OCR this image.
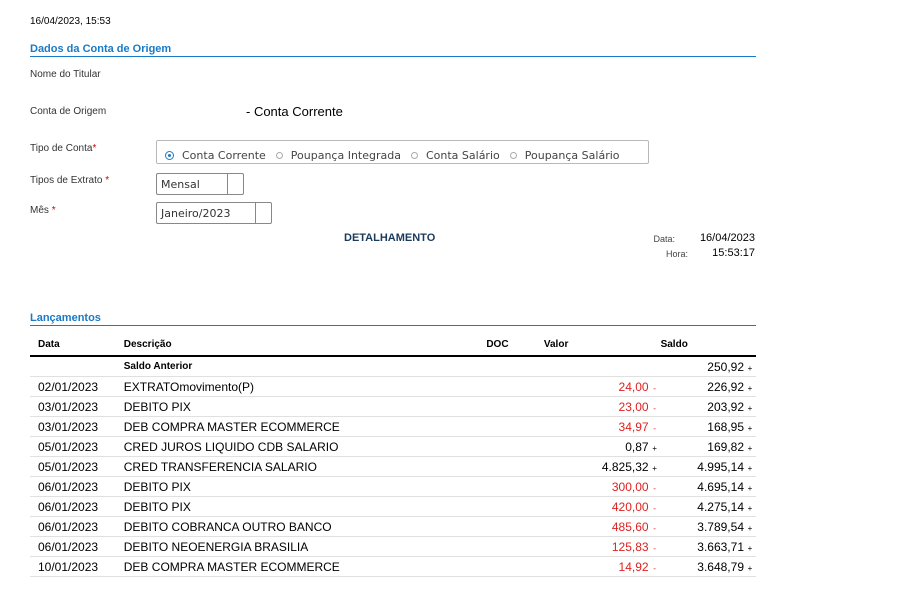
16/04/2023, 15:53
Dados da Conta de Origem
Nome do Titular
Conta de Origem	- Conta Corrente
Tipo de Conta*
Conta Corrente Poupança Integrada Conta Salário Poupança Salário
Tipos de Extrato *	Mensal
Mês *	Janeiro/2023
DETALHAMENTO	Data:	16/04/2023
Hora:	15:53:17
Lançamentos
Data	Descrição	DOC	Valor	Saldo
	Saldo Anterior			250,92 +
02/01/2023	EXTRATOmovimento(P)		24,00 -	226,92 +
03/01/2023	DEBITO PIX		23,00 -	203,92 +
03/01/2023	DEB COMPRA MASTER ECOMMERCE		34,97 -	168,95 +
05/01/2023	CRED JUROS LIQUIDO CDB SALARIO		0,87 +	169,82 +
05/01/2023	CRED TRANSFERENCIA SALARIO		4.825,32 +	4.995,14 +
06/01/2023	DEBITO PIX		300,00 -	4.695,14 +
06/01/2023	DEBITO PIX		420,00 -	4.275,14 +
06/01/2023	DEBITO COBRANCA OUTRO BANCO		485,60 -	3.789,54 +
06/01/2023	DEBITO NEOENERGIA BRASILIA		125,83 -	3.663,71 +
10/01/2023	DEB COMPRA MASTER ECOMMERCE		14,92 -	3.648,79 +
